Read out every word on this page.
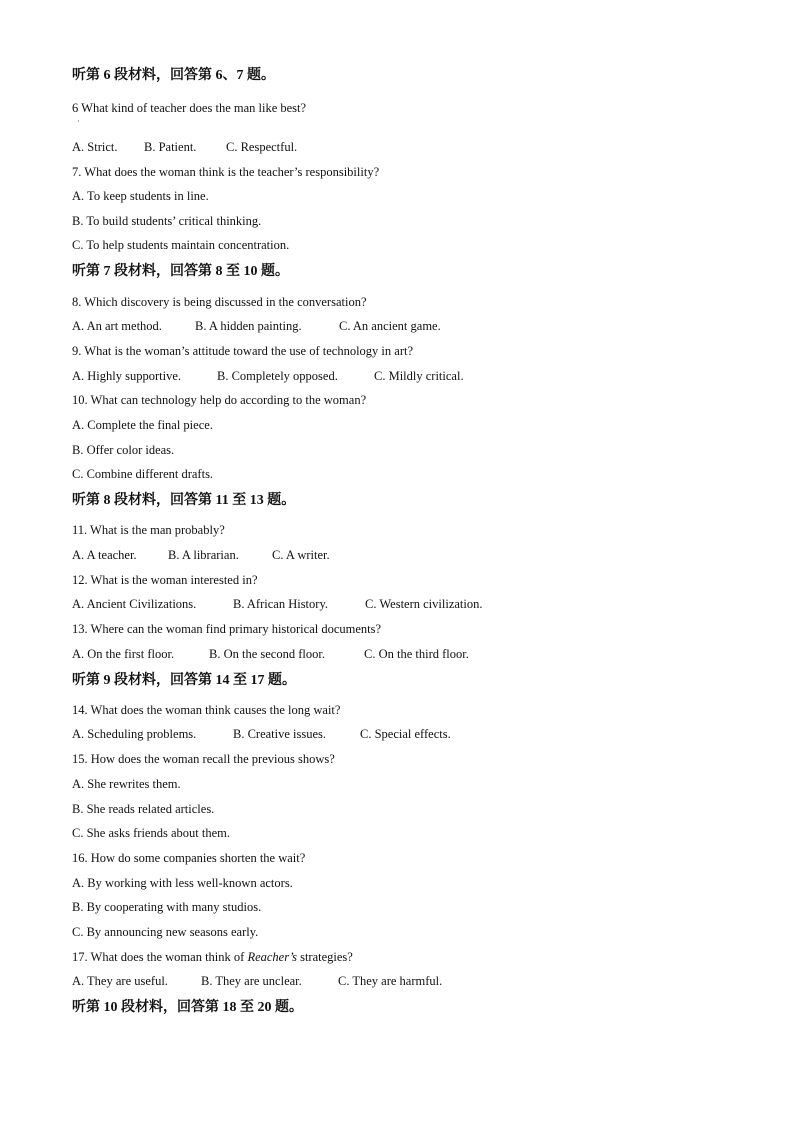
听第 6 段材料，回答第 6、7 题。
6 What kind of teacher does the man like best?
·
A. Strict. B. Patient. C. Respectful.
7. What does the woman think is the teacher’s responsibility?
A. To keep students in line.
B. To build students’ critical thinking.
C. To help students maintain concentration.
听第 7 段材料，回答第 8 至 10 题。
8. Which discovery is being discussed in the conversation?
A. An art method.	B. A hidden painting.	C. An ancient game.
9. What is the woman’s attitude toward the use of technology in art?
A. Highly supportive.	B. Completely opposed.	C. Mildly critical.
10. What can technology help do according to the woman?
A. Complete the final piece.
B. Offer color ideas.
C. Combine different drafts.
听第 8 段材料，回答第 11 至 13 题。
11. What is the man probably?
A. A teacher.	B. A librarian.	C. A writer.
12. What is the woman interested in?
A. Ancient Civilizations.	B. African History.	C. Western civilization.
13. Where can the woman find primary historical documents?
A. On the first floor.	B. On the second floor.	C. On the third floor.
听第 9 段材料，回答第 14 至 17 题。
14. What does the woman think causes the long wait?
A. Scheduling problems.	B. Creative issues.	C. Special effects.
15. How does the woman recall the previous shows?
A. She rewrites them.
B. She reads related articles.
C. She asks friends about them.
16. How do some companies shorten the wait?
A. By working with less well-known actors.
B. By cooperating with many studios.
C. By announcing new seasons early.
17. What does the woman think of Reacher’s strategies?
A. They are useful.	B. They are unclear.	C. They are harmful.
听第 10 段材料，回答第 18 至 20 题。
